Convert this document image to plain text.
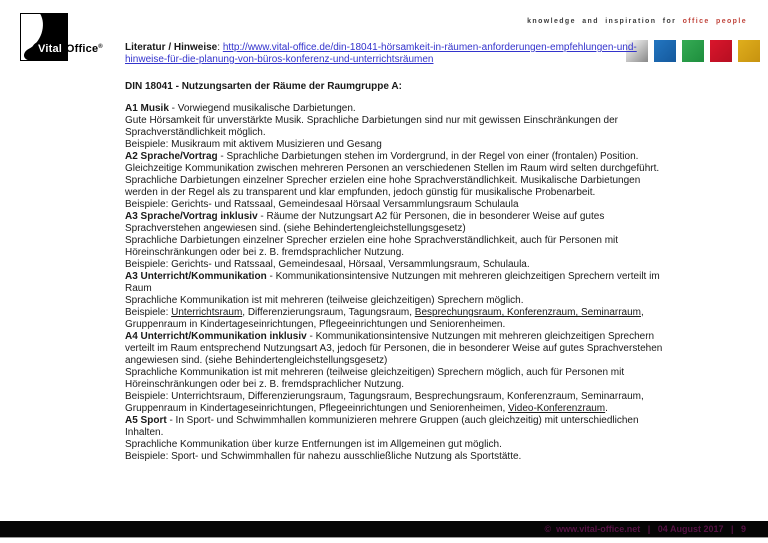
Vital -Office ®
knowledge and inspiration for office people

Literatur / Hinweise: http://www.vital-office.de/din-18041-hörsamkeit-in-räumen-anforderungen-empfehlungen-und-hinweise-für-die-planung-von-büros-konferenz-und-unterrichtsräumen

DIN 18041 - Nutzungsarten der Räume der Raumgruppe A:

A1 Musik - Vorwiegend musikalische Darbietungen.

Gute Hörsamkeit für unverstärkte Musik. Sprachliche Darbietungen sind nur mit gewissen Einschränkungen der Sprachverständlichkeit möglich.

Beispiele: Musikraum mit aktivem Musizieren und Gesang

A2 Sprache/Vortrag - Sprachliche Darbietungen stehen im Vordergrund, in der Regel von einer (frontalen) Position. Gleichzeitige Kommunikation zwischen mehreren Personen an verschiedenen Stellen im Raum wird selten durchgeführt.

Sprachliche Darbietungen einzelner Sprecher erzielen eine hohe Sprachverständlichkeit. Musikalische Darbietungen werden in der Regel als zu transparent und klar empfunden, jedoch günstig für musikalische Probenarbeit.

Beispiele: Gerichts- und Ratssaal, Gemeindesaal Hörsaal Versammlungsraum Schulaula

A3 Sprache/Vortrag inklusiv - Räume der Nutzungsart A2 für Personen, die in besonderer Weise auf gutes Sprachverstehen angewiesen sind. (siehe Behindertengleichstellungsgesetz)

Sprachliche Darbietungen einzelner Sprecher erzielen eine hohe Sprachverständlichkeit, auch für Personen mit Höreinschränkungen oder bei z. B. fremdsprachlicher Nutzung.

Beispiele: Gerichts- und Ratssaal, Gemeindesaal, Hörsaal, Versammlungsraum, Schulaula.

A3 Unterricht/Kommunikation - Kommunikationsintensive Nutzungen mit mehreren gleichzeitigen Sprechern verteilt im Raum

Sprachliche Kommunikation ist mit mehreren (teilweise gleichzeitigen) Sprechern möglich.

Beispiele: Unterrichtsraum, Differenzierungsraum, Tagungsraum, Besprechungsraum, Konferenzraum, Seminarraum, Gruppenraum in Kindertageseinrichtungen, Pflegeeinrichtungen und Seniorenheimen.

A4 Unterricht/Kommunikation inklusiv - Kommunikationsintensive Nutzungen mit mehreren gleichzeitigen Sprechern verteilt im Raum entsprechend Nutzungsart A3, jedoch für Personen, die in besonderer Weise auf gutes Sprachverstehen angewiesen sind. (siehe Behindertengleichstellungsgesetz)

Sprachliche Kommunikation ist mit mehreren (teilweise gleichzeitigen) Sprechern möglich, auch für Personen mit Höreinschränkungen oder bei z. B. fremdsprachlicher Nutzung.

Beispiele: Unterrichtsraum, Differenzierungsraum, Tagungsraum, Besprechungsraum, Konferenzraum, Seminarraum, Gruppenraum in Kindertageseinrichtungen, Pflegeeinrichtungen und Seniorenheimen, Video-Konferenzraum.

A5 Sport - In Sport- und Schwimmhallen kommunizieren mehrere Gruppen (auch gleichzeitig) mit unterschiedlichen Inhalten.

Sprachliche Kommunikation über kurze Entfernungen ist im Allgemeinen gut möglich.

Beispiele: Sport- und Schwimmhallen für nahezu ausschließliche Nutzung als Sportstätte.

©  www.vital-office.net   |   04 August 2017   |   9
